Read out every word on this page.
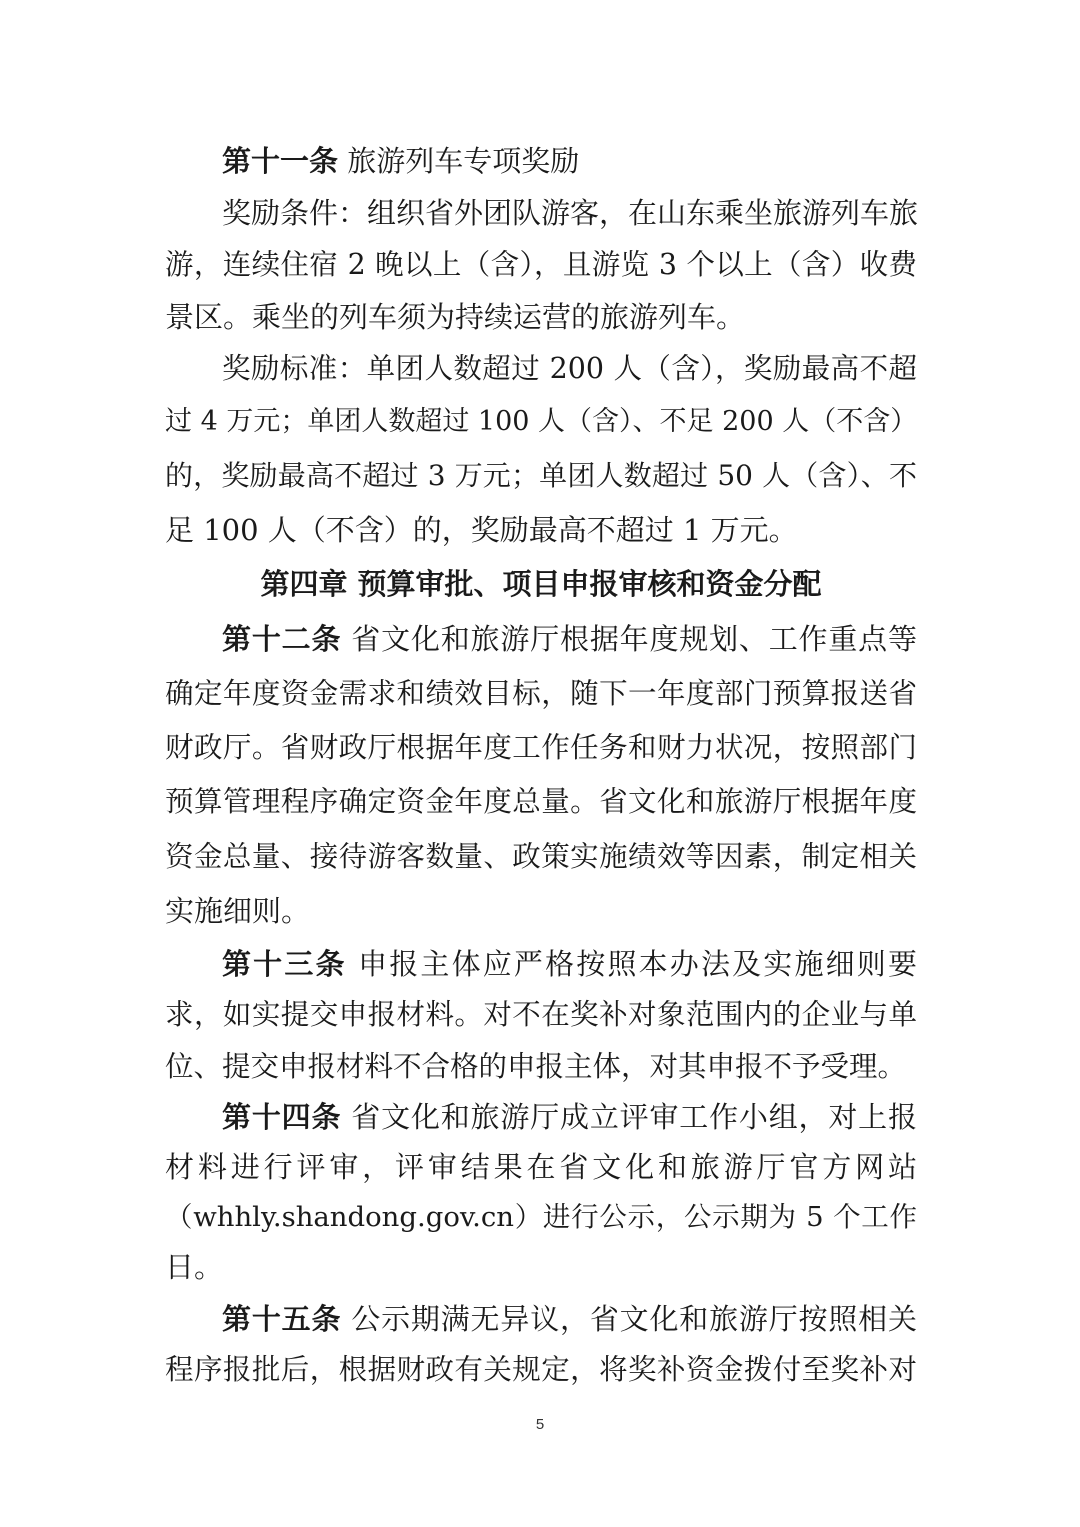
第十一条 旅游列车专项奖励
奖励条件：组织省外团队游客，在山东乘坐旅游列车旅
游，连续住宿 2 晚以上（含），且游览 3 个以上（含）收费
景区。乘坐的列车须为持续运营的旅游列车。
奖励标准：单团人数超过 200 人（含），奖励最高不超
过 4 万元；单团人数超过 100 人（含）、不足 200 人（不含）
的，奖励最高不超过 3 万元；单团人数超过 50 人（含）、不
足 100 人（不含）的，奖励最高不超过 1 万元。
第四章 预算审批、项目申报审核和资金分配
第十二条 省文化和旅游厅根据年度规划、工作重点等
确定年度资金需求和绩效目标，随下一年度部门预算报送省
财政厅。省财政厅根据年度工作任务和财力状况，按照部门
预算管理程序确定资金年度总量。省文化和旅游厅根据年度
资金总量、接待游客数量、政策实施绩效等因素，制定相关
实施细则。
第十三条 申报主体应严格按照本办法及实施细则要
求，如实提交申报材料。对不在奖补对象范围内的企业与单
位、提交申报材料不合格的申报主体，对其申报不予受理。
第十四条 省文化和旅游厅成立评审工作小组，对上报
材料进行评审，评审结果在省文化和旅游厅官方网站
（whhly.shandong.gov.cn）进行公示，公示期为 5 个工作
日。
第十五条 公示期满无异议，省文化和旅游厅按照相关
程序报批后，根据财政有关规定，将奖补资金拨付至奖补对
5
